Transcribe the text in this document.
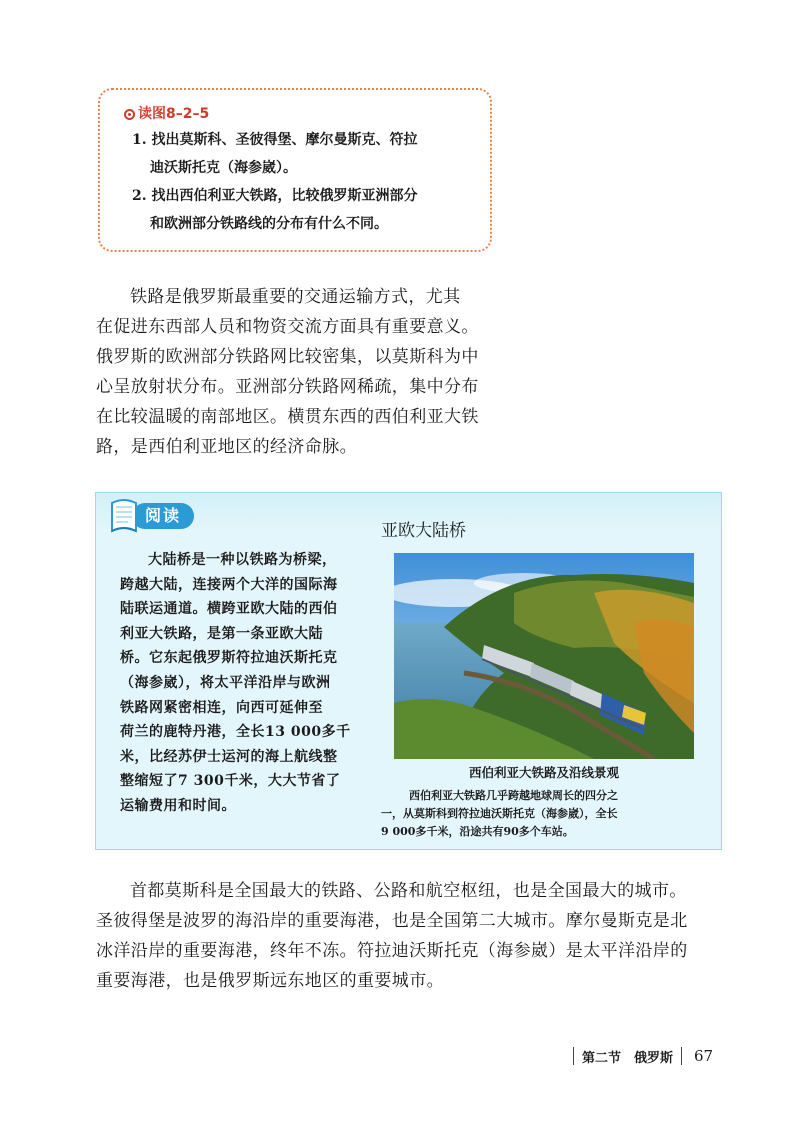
读图8–2–5
1. 找出莫斯科、圣彼得堡、摩尔曼斯克、符拉
迪沃斯托克（海参崴）。
2. 找出西伯利亚大铁路，比较俄罗斯亚洲部分
和欧洲部分铁路线的分布有什么不同。
铁路是俄罗斯最重要的交通运输方式，尤其
在促进东西部人员和物资交流方面具有重要意义。
俄罗斯的欧洲部分铁路网比较密集，以莫斯科为中
心呈放射状分布。亚洲部分铁路网稀疏，集中分布
在比较温暖的南部地区。横贯东西的西伯利亚大铁
路，是西伯利亚地区的经济命脉。
阅读
亚欧大陆桥
大陆桥是一种以铁路为桥梁，
跨越大陆，连接两个大洋的国际海
陆联运通道。横跨亚欧大陆的西伯
利亚大铁路，是第一条亚欧大陆
桥。它东起俄罗斯符拉迪沃斯托克
（海参崴），将太平洋沿岸与欧洲
铁路网紧密相连，向西可延伸至
荷兰的鹿特丹港，全长13 000多千
米，比经苏伊士运河的海上航线整
整缩短了7 300千米，大大节省了
运输费用和时间。
西伯利亚大铁路及沿线景观
西伯利亚大铁路几乎跨越地球周长的四分之
一，从莫斯科到符拉迪沃斯托克（海参崴），全长
9 000多千米，沿途共有90多个车站。
首都莫斯科是全国最大的铁路、公路和航空枢纽，也是全国最大的城市。
圣彼得堡是波罗的海沿岸的重要海港，也是全国第二大城市。摩尔曼斯克是北
冰洋沿岸的重要海港，终年不冻。符拉迪沃斯托克（海参崴）是太平洋沿岸的
重要海港，也是俄罗斯远东地区的重要城市。
第二节　俄罗斯 67
